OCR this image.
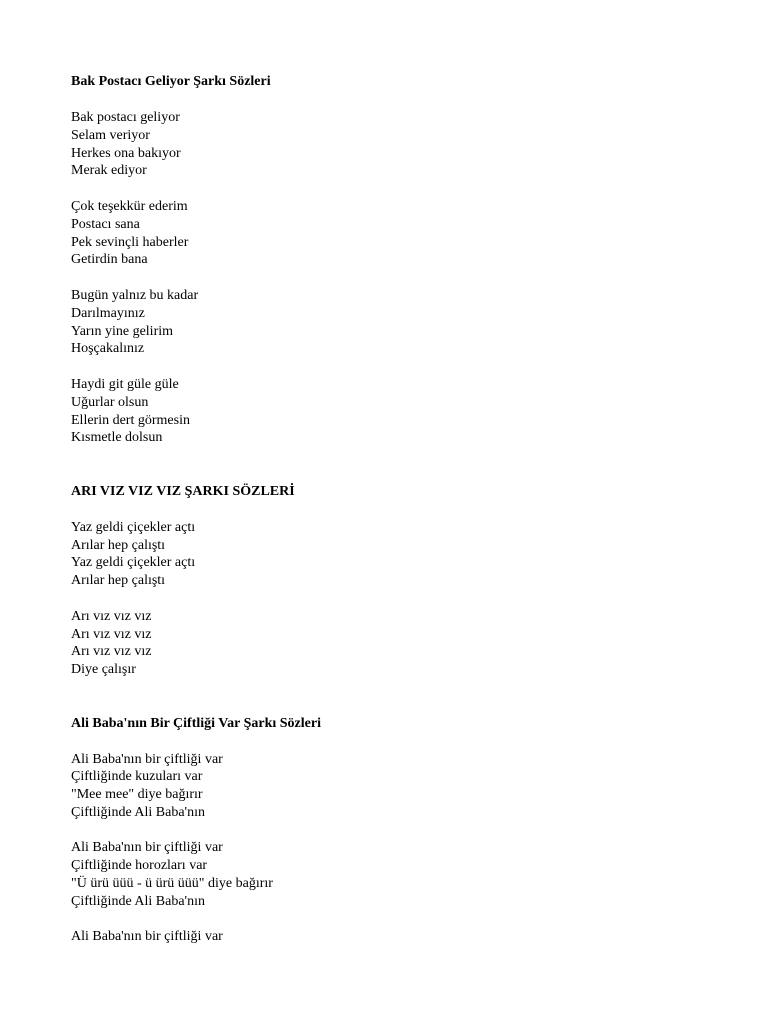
Bak Postacı Geliyor Şarkı Sözleri

Bak postacı geliyor

Selam veriyor

Herkes ona bakıyor

Merak ediyor

Çok teşekkür ederim

Postacı sana

Pek sevinçli haberler

Getirdin bana

Bugün yalnız bu kadar

Darılmayınız

Yarın yine gelirim

Hoşçakalınız

Haydi git güle güle

Uğurlar olsun

Ellerin dert görmesin

Kısmetle dolsun

ARI VIZ VIZ VIZ ŞARKI SÖZLERİ

Yaz geldi çiçekler açtı

Arılar hep çalıştı

Yaz geldi çiçekler açtı

Arılar hep çalıştı

Arı vız vız vız

Arı vız vız vız

Arı vız vız vız

Diye çalışır

Ali Baba'nın Bir Çiftliği Var Şarkı Sözleri

Ali Baba'nın bir çiftliği var

Çiftliğinde kuzuları var

"Mee mee" diye bağırır

Çiftliğinde Ali Baba'nın

Ali Baba'nın bir çiftliği var

Çiftliğinde horozları var

"Ü ürü üüü - ü ürü üüü" diye bağırır

Çiftliğinde Ali Baba'nın

Ali Baba'nın bir çiftliği var
